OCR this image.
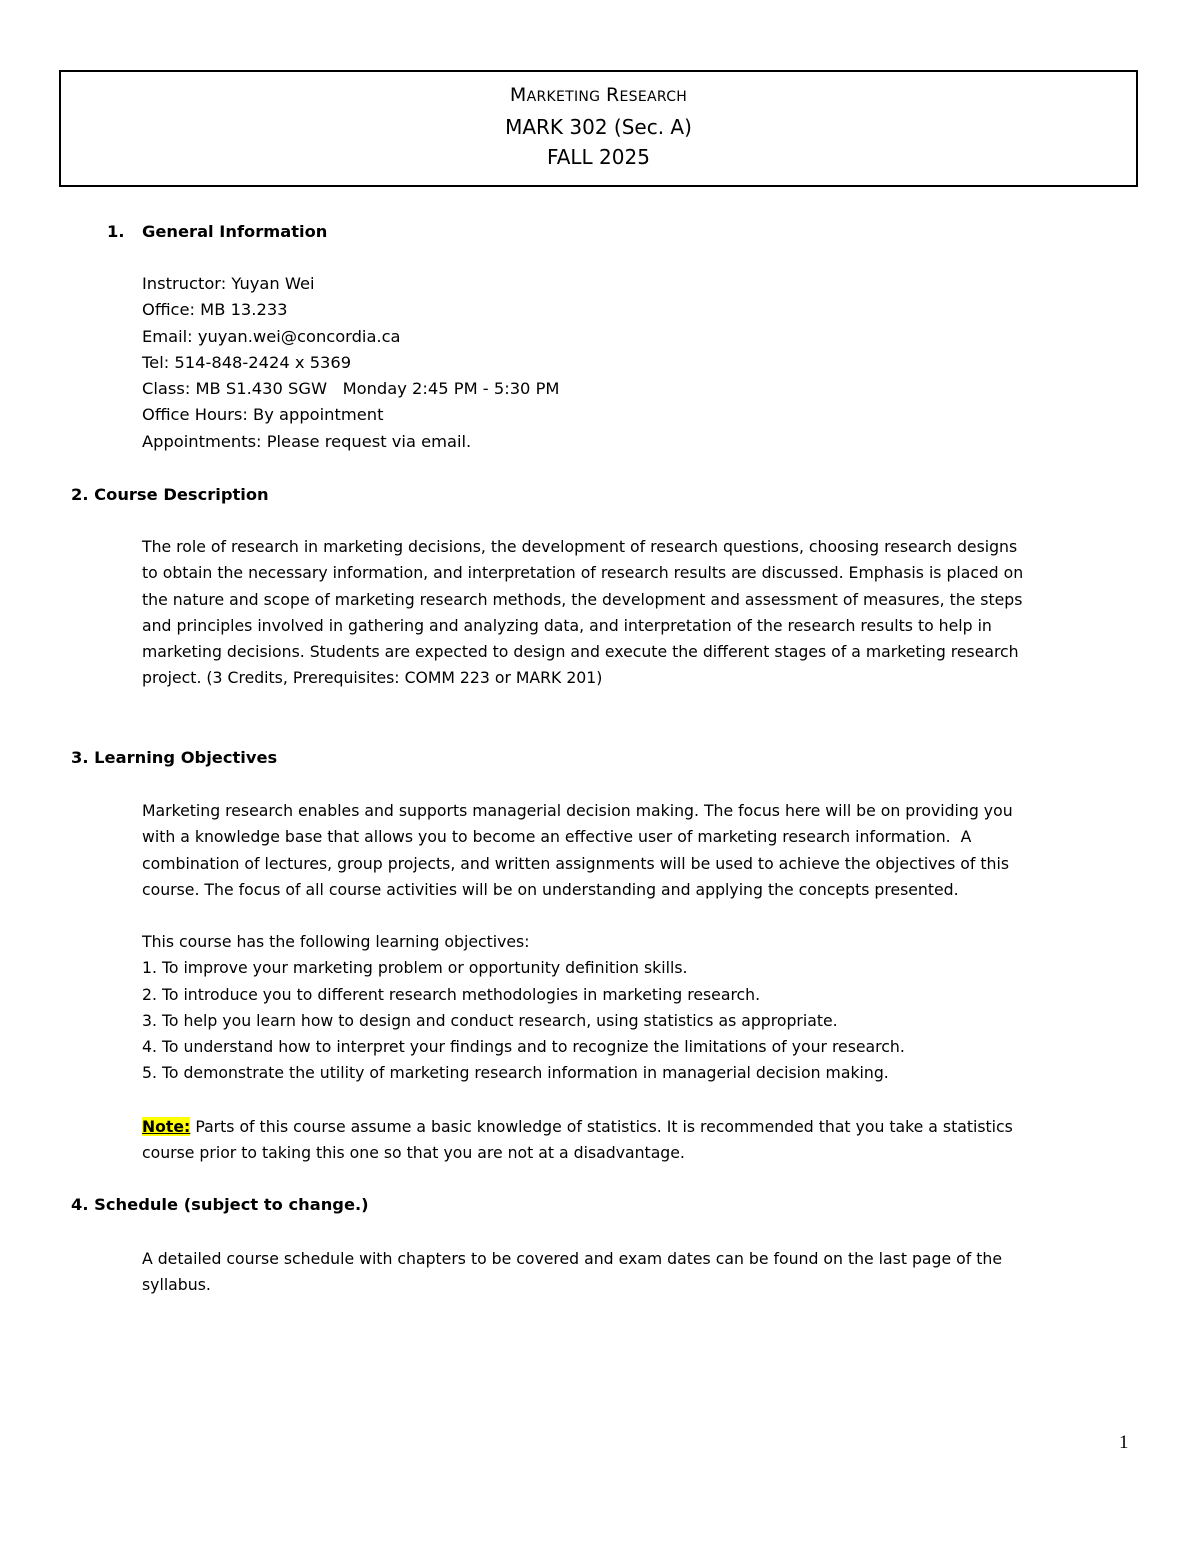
MARKETING RESEARCH
MARK 302 (Sec. A)
FALL 2025
1. General Information
Instructor: Yuyan Wei
Office: MB 13.233
Email: yuyan.wei@concordia.ca
Tel: 514-848-2424 x 5369
Class: MB S1.430 SGW   Monday 2:45 PM - 5:30 PM
Office Hours: By appointment
Appointments: Please request via email.
2. Course Description
The role of research in marketing decisions, the development of research questions, choosing research designs
to obtain the necessary information, and interpretation of research results are discussed. Emphasis is placed on
the nature and scope of marketing research methods, the development and assessment of measures, the steps
and principles involved in gathering and analyzing data, and interpretation of the research results to help in
marketing decisions. Students are expected to design and execute the different stages of a marketing research
project. (3 Credits, Prerequisites: COMM 223 or MARK 201)
3. Learning Objectives
Marketing research enables and supports managerial decision making. The focus here will be on providing you
with a knowledge base that allows you to become an effective user of marketing research information.  A
combination of lectures, group projects, and written assignments will be used to achieve the objectives of this
course. The focus of all course activities will be on understanding and applying the concepts presented.
This course has the following learning objectives:
1. To improve your marketing problem or opportunity definition skills.
2. To introduce you to different research methodologies in marketing research.
3. To help you learn how to design and conduct research, using statistics as appropriate.
4. To understand how to interpret your findings and to recognize the limitations of your research.
5. To demonstrate the utility of marketing research information in managerial decision making.
Note: Parts of this course assume a basic knowledge of statistics. It is recommended that you take a statistics
course prior to taking this one so that you are not at a disadvantage.
4. Schedule (subject to change.)
A detailed course schedule with chapters to be covered and exam dates can be found on the last page of the
syllabus.
1
